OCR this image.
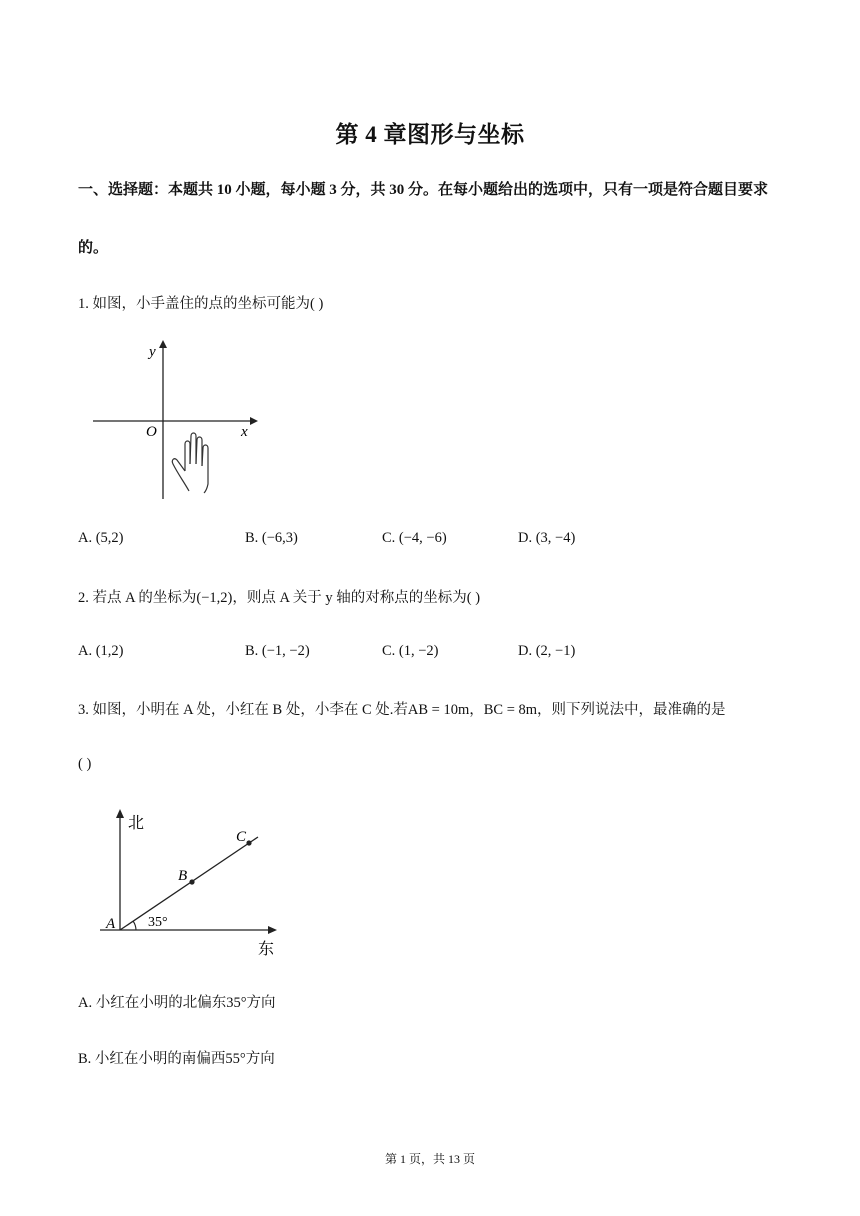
第 4 章图形与坐标
一、选择题：本题共 10 小题，每小题 3 分，共 30 分。在每小题给出的选项中，只有一项是符合题目要求
的。
1. 如图，小手盖住的点的坐标可能为( )
y
x
O
A. (5,2)	B. (−6,3)	C. (−4, −6)	D. (3, −4)
2. 若点 A 的坐标为(−1,2)，则点 A 关于 y 轴的对称点的坐标为( )
A. (1,2)	B. (−1, −2)	C. (1, −2)	D. (2, −1)
3. 如图，小明在 A 处，小红在 B 处，小李在 C 处.若AB = 10m，BC = 8m，则下列说法中，最准确的是
( )
北
东
A
B
C
35°
A. 小红在小明的北偏东35°方向
B. 小红在小明的南偏西55°方向
第 1 页，共 13 页
